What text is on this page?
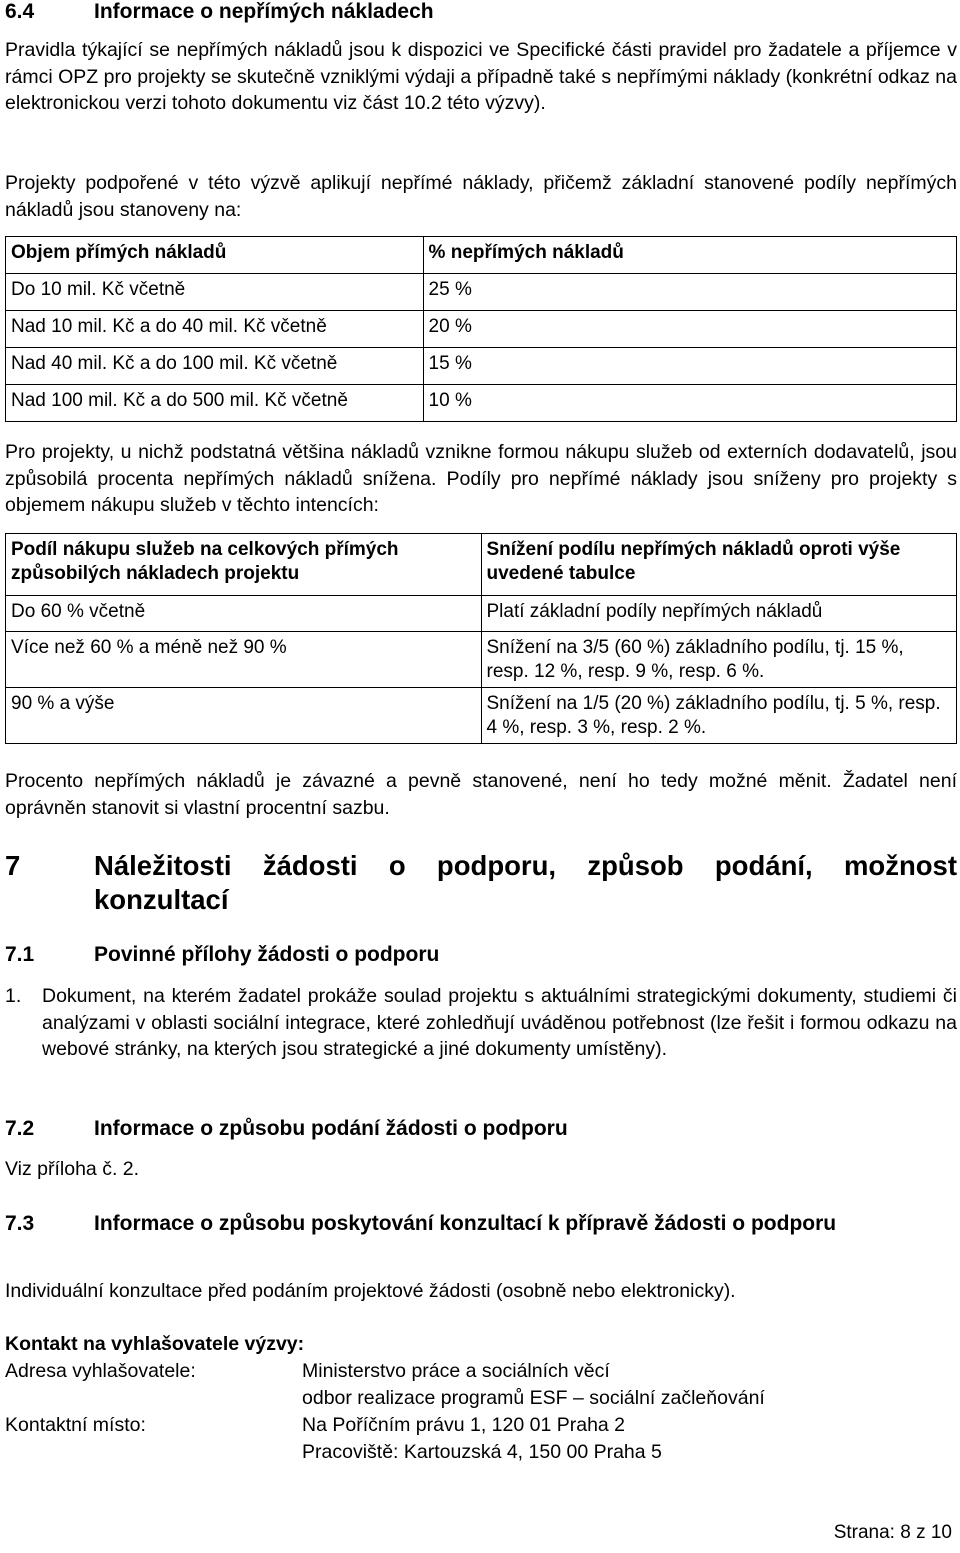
6.4	Informace o nepřímých nákladech

Pravidla týkající se nepřímých nákladů jsou k dispozici ve Specifické části pravidel pro žadatele a příjemce v rámci OPZ pro projekty se skutečně vzniklými výdaji a případně také s nepřímými náklady (konkrétní odkaz na elektronickou verzi tohoto dokumentu viz část 10.2 této výzvy).

Projekty podpořené v této výzvě aplikují nepřímé náklady, přičemž základní stanovené podíly nepřímých nákladů jsou stanoveny na:

Objem přímých nákladů	% nepřímých nákladů
Do 10 mil. Kč včetně	25 %
Nad 10 mil. Kč a do 40 mil. Kč včetně	20 %
Nad 40 mil. Kč a do 100 mil. Kč včetně	15 %
Nad 100 mil. Kč a do 500 mil. Kč včetně	10 %

Pro projekty, u nichž podstatná většina nákladů vznikne formou nákupu služeb od externích dodavatelů, jsou způsobilá procenta nepřímých nákladů snížena. Podíly pro nepřímé náklady jsou sníženy pro projekty s objemem nákupu služeb v těchto intencích:

Podíl nákupu služeb na celkových přímých způsobilých nákladech projektu	Snížení podílu nepřímých nákladů oproti výše uvedené tabulce
Do 60 % včetně	Platí základní podíly nepřímých nákladů
Více než 60 % a méně než 90 %	Snížení na 3/5 (60 %) základního podílu, tj. 15 %, resp. 12 %, resp. 9 %, resp. 6 %.
90 % a výše	Snížení na 1/5 (20 %) základního podílu, tj. 5 %, resp. 4 %, resp. 3 %, resp. 2 %.

Procento nepřímých nákladů je závazné a pevně stanovené, není ho tedy možné měnit. Žadatel není oprávněn stanovit si vlastní procentní sazbu.

7	Náležitosti žádosti o podporu, způsob podání, možnost konzultací
7.1	Povinné přílohy žádosti o podporu
1.	Dokument, na kterém žadatel prokáže soulad projektu s aktuálními strategickými dokumenty, studiemi či analýzami v oblasti sociální integrace, které zohledňují uváděnou potřebnost (lze řešit i formou odkazu na webové stránky, na kterých jsou strategické a jiné dokumenty umístěny).
7.2	Informace o způsobu podání žádosti o podporu

Viz příloha č. 2.

7.3	Informace o způsobu poskytování konzultací k přípravě žádosti o podporu

Individuální konzultace před podáním projektové žádosti (osobně nebo elektronicky).

Kontakt na vyhlašovatele výzvy:
Adresa vyhlašovatele:	Ministerstvo práce a sociálních věcí
odbor realizace programů ESF – sociální začleňování
Kontaktní místo:	Na Poříčním právu 1, 120 01 Praha 2
Pracoviště: Kartouzská 4, 150 00 Praha 5
Strana: 8 z 10
